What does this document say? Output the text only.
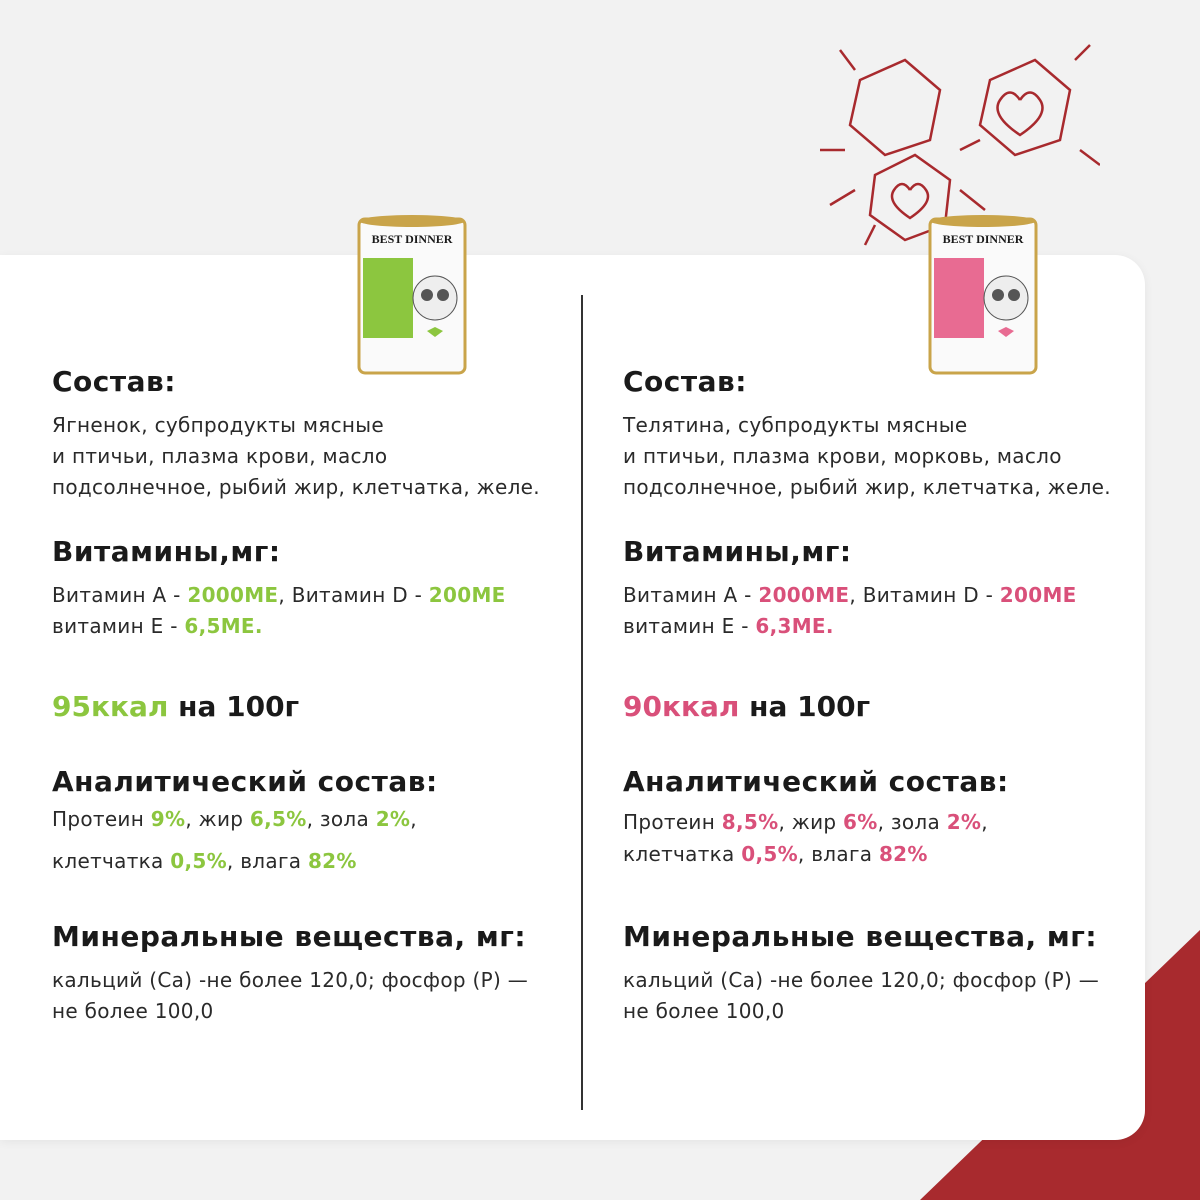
BEST DINNER	BEST DINNER
Состав:

Ягненок, субпродукты мясные

и птичьи, плазма крови, масло

подсолнечное, рыбий жир, клетчатка, желе.

Витамины,мг:

Витамин А - 2000МЕ, Витамин D - 200МЕ

витамин Е - 6,5МЕ.

95ккал на 100г
Аналитический состав:

Протеин 9%, жир 6,5%, зола 2%,

клетчатка 0,5%, влага 82%

Минеральные вещества, мг:

кальций (Са) -не более 120,0; фосфор (Р) —

не более 100,0

Состав:

Телятина, субпродукты мясные

и птичьи, плазма крови, морковь, масло

подсолнечное, рыбий жир, клетчатка, желе.

Витамины,мг:

Витамин А - 2000МЕ, Витамин D - 200МЕ

витамин Е - 6,3МЕ.

90ккал на 100г
Аналитический состав:

Протеин 8,5%, жир 6%, зола 2%,

клетчатка 0,5%, влага 82%

Минеральные вещества, мг:

кальций (Са) -не более 120,0; фосфор (Р) —

не более 100,0
